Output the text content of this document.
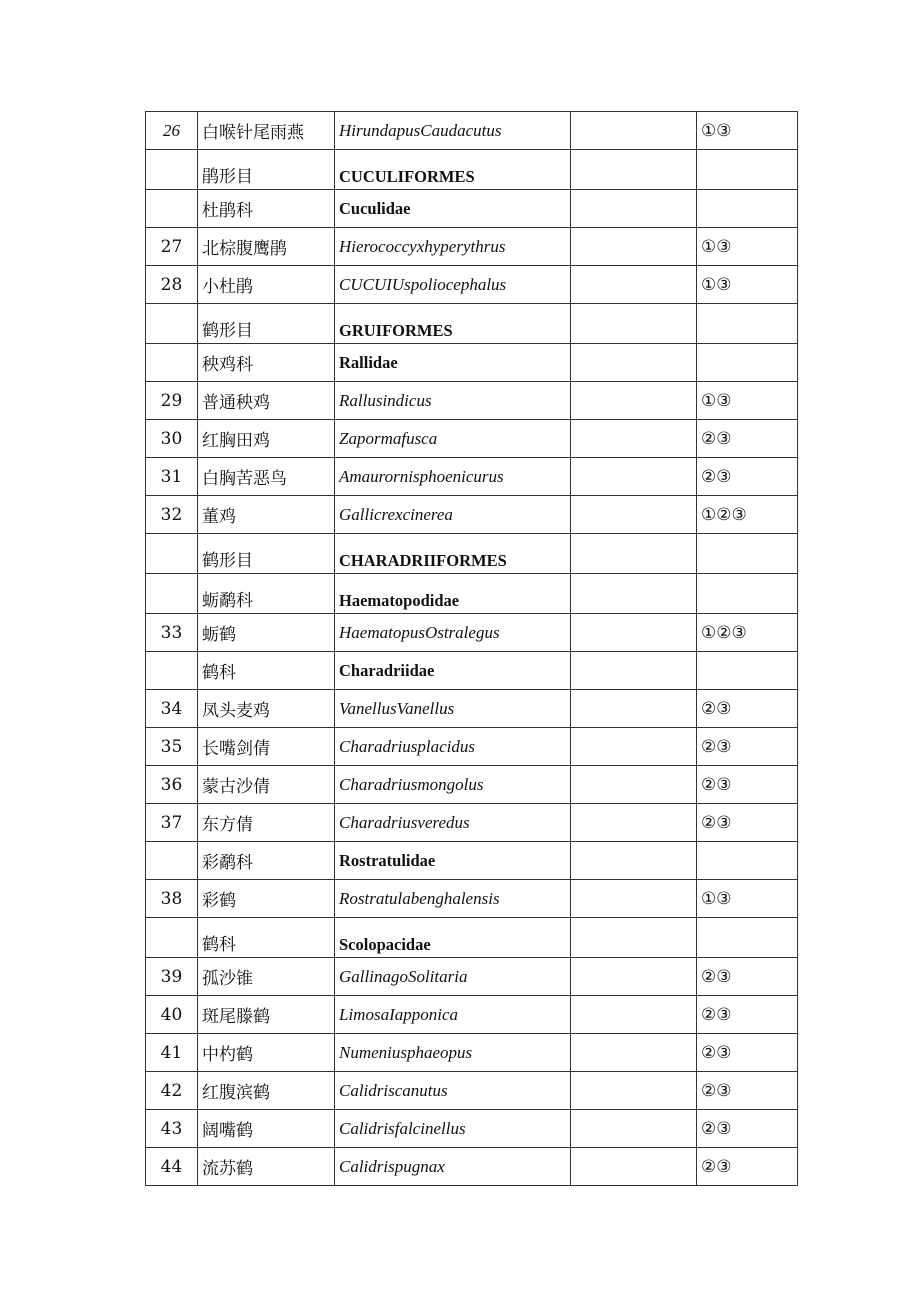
26	白喉针尾雨燕	HirundapusCaudacutus		①③
	鹃形目	CUCULIFORMES		
	杜鹃科	Cuculidae		
27	北棕腹鹰鹃	Hierococcyxhyperythrus		①③
28	小杜鹃	CUCUIUspoliocephalus		①③
	鹤形目	GRUIFORMES		
	秧鸡科	Rallidae		
29	普通秧鸡	Rallusindicus		①③
30	红胸田鸡	Zapormafusca		②③
31	白胸苦恶鸟	Amaurornisphoenicurus		②③
32	董鸡	Gallicrexcinerea		①②③
	鹤形目	CHARADRIIFORMES		
	蛎鹬科	Haematopodidae		
33	蛎鹤	HaematopusOstralegus		①②③
	鹤科	Charadriidae		
34	凤头麦鸡	VanellusVanellus		②③
35	长嘴剑倩	Charadriusplacidus		②③
36	蒙古沙倩	Charadriusmongolus		②③
37	东方倩	Charadriusveredus		②③
	彩鹬科	Rostratulidae		
38	彩鹤	Rostratulabenghalensis		①③
	鹤科	Scolopacidae		
39	孤沙锥	GallinagoSolitaria		②③
40	斑尾滕鹤	LimosaIapponica		②③
41	中杓鹤	Numeniusphaeopus		②③
42	红腹滨鹤	Calidriscanutus		②③
43	阔嘴鹤	Calidrisfalcinellus		②③
44	流苏鹤	Calidrispugnax		②③
